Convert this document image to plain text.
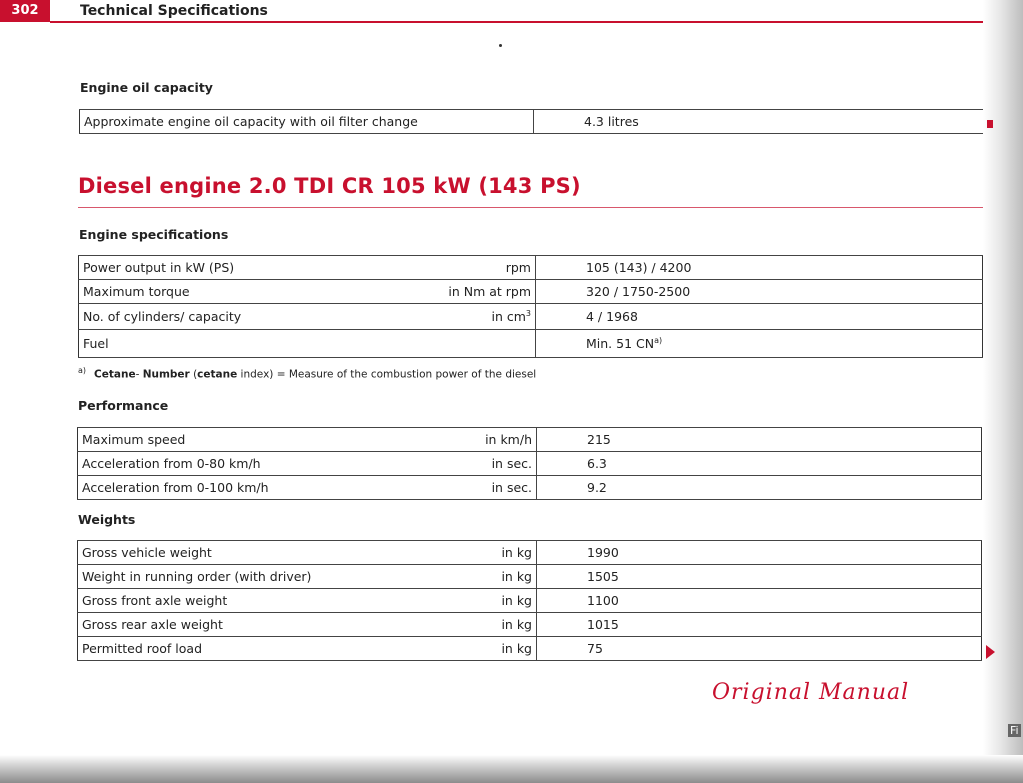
302	Technical Specifications
Engine oil capacity
Approximate engine oil capacity with oil filter change	4.3 litres
Diesel engine 2.0 TDI CR 105 kW (143 PS)
Engine specifications
Power output in kW (PS)	rpm	105 (143) / 4200
Maximum torque	in Nm at rpm	320 / 1750-2500
No. of cylinders/ capacity	in $cm^3$	4 / 1968
Fuel		Min. 51 CN$^{a)}$
$^{a)}$ Cetane- Number (cetane index) = Measure of the combustion power of the diesel
Performance
Maximum speed	in km/h	215
Acceleration from 0-80 km/h	in sec.	6.3
Acceleration from 0-100 km/h	in sec.	9.2
Weights
Gross vehicle weight	in kg	1990
Weight in running order (with driver)	in kg	1505
Gross front axle weight	in kg	1100
Gross rear axle weight	in kg	1015
Permitted roof load	in kg	75
Original Manual
Fi
